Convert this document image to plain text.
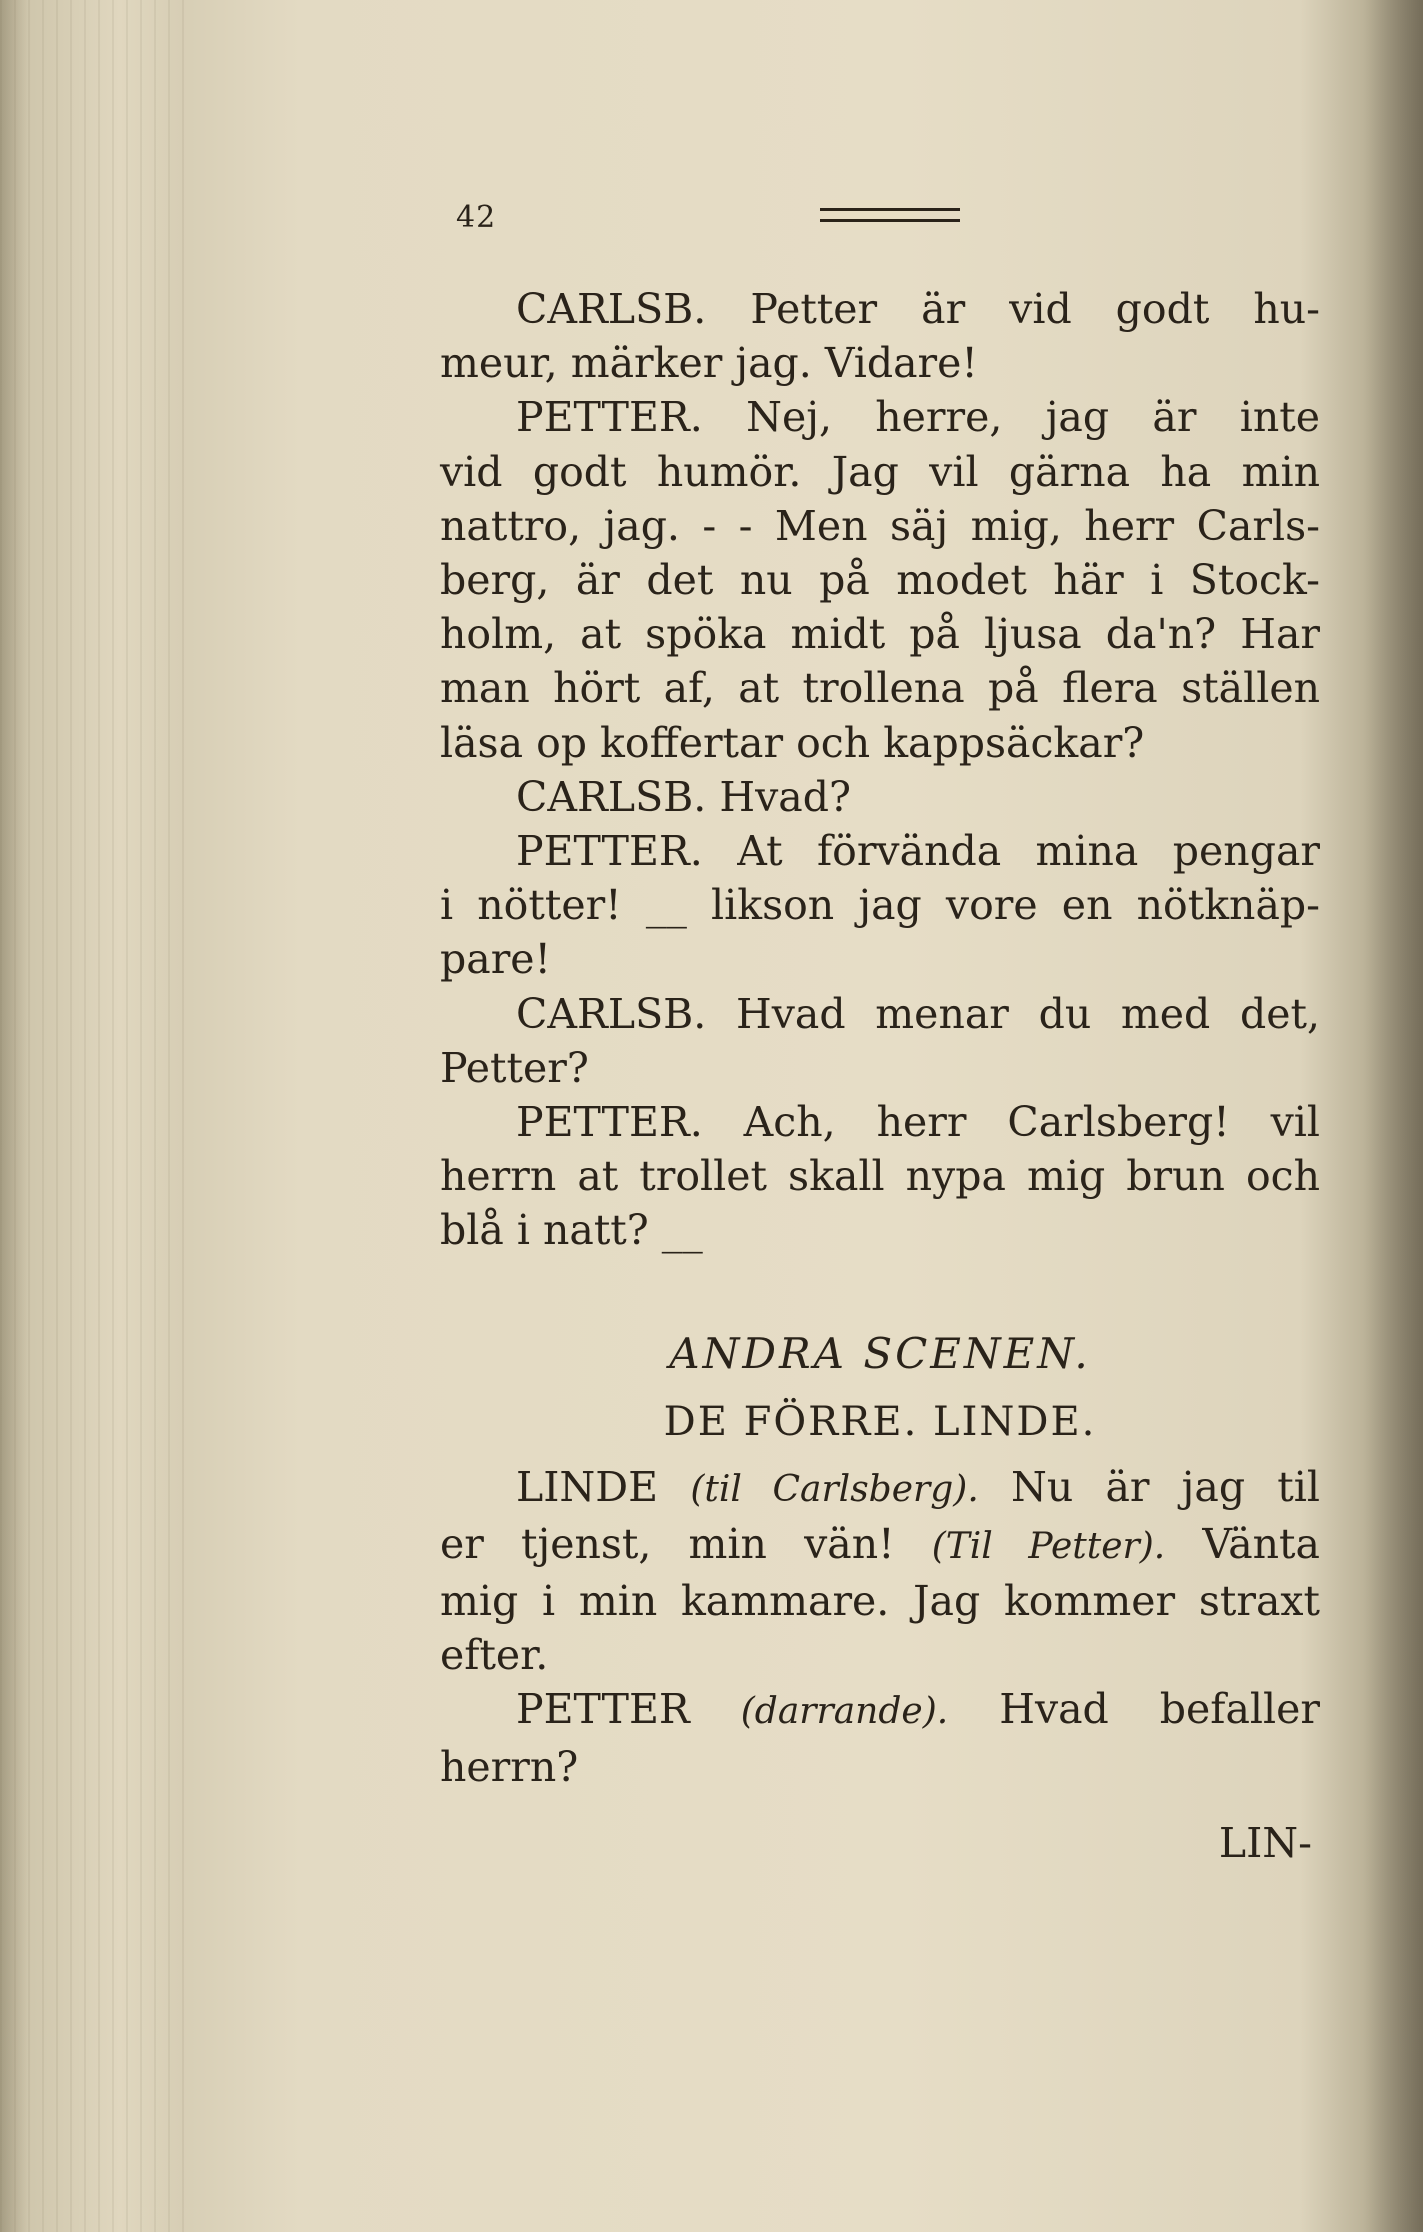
42
CARLSB. Petter är vid godt hu-
meur, märker jag. Vidare!
PETTER. Nej, herre, jag är inte
vid godt humör. Jag vil gärna ha min
nattro, jag. - - Men säj mig, herr Carls-
berg, är det nu på modet här i Stock-
holm, at spöka midt på ljusa da'n? Har
man hört af, at trollena på flera ställen
läsa op koffertar och kappsäckar?
CARLSB. Hvad?
PETTER. At förvända mina pengar
i nötter! __ likson jag vore en nötknäp-
pare!
CARLSB. Hvad menar du med det,
Petter?
PETTER. Ach, herr Carlsberg! vil
herrn at trollet skall nypa mig brun och
blå i natt? __
ANDRA SCENEN.
DE FÖRRE. LINDE.
LINDE (til Carlsberg). Nu är jag til
er tjenst, min vän! (Til Petter). Vänta
mig i min kammare. Jag kommer straxt
efter.
PETTER (darrande). Hvad befaller
herrn?
LIN-
